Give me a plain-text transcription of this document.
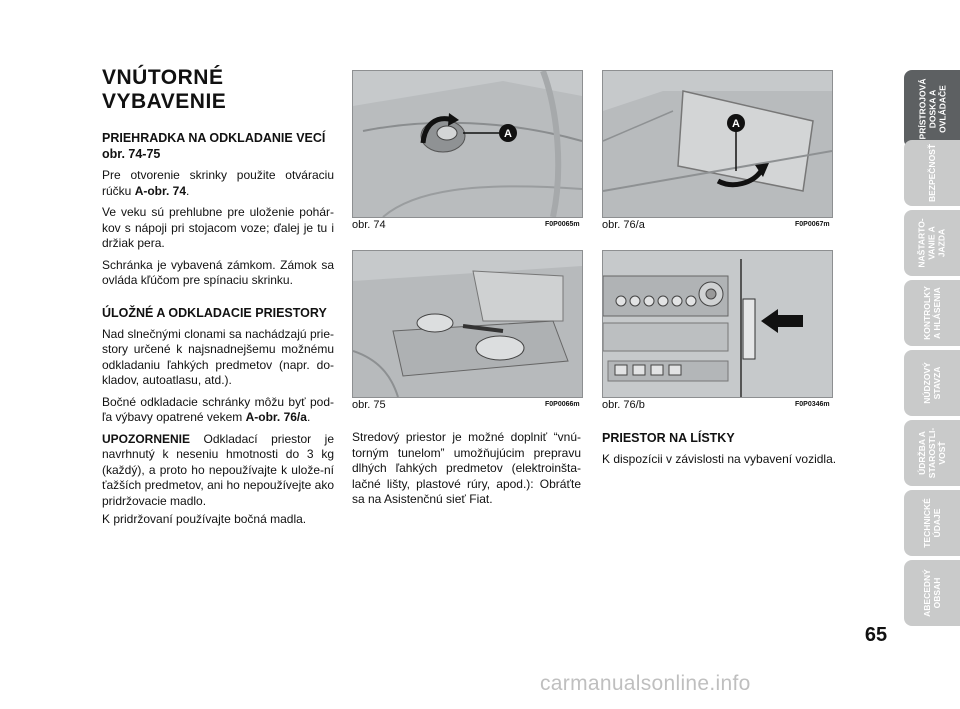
VNÚTORNÉ

VYBAVENIE

PRIEHRADKA NA ODKLADANIE VECÍ obr. 74-75

Pre otvorenie skrinky použite otváraciu rúčku A-obr. 74.

Ve veku sú prehlubne pre uloženie pohár-kov s nápoji pri stojacom voze; ďalej je tu i držiak pera.

Schránka je vybavená zámkom. Zámok sa ovláda kľúčom pre spínaciu skrinku.

ÚLOŽNÉ A ODKLADACIE PRIESTORY

Nad slnečnými clonami sa nachádzajú prie-story určené k najsnadnejšemu možnému odkladaniu ľahkých predmetov (napr. do-kladov, autoatlasu, atd.).

Bočné odkladacie schránky môžu byť pod-ľa výbavy opatrené vekem A-obr. 76/a.

UPOZORNENIE Odkladací priestor je navrhnutý k neseniu hmotnosti do 3 kg (každý), a proto ho nepoužívajte k ulože-ní ťažších predmetov, ani ho nepoužívejte ako pridržovacie madlo.

K pridržovaní používajte bočná madla.

A
obr. 74	F0P0065m
A
obr. 76/a	F0P0067m
obr. 75	F0P0066m obr. 76/b	F0P0346m

Stredový priestor je možné doplniť “vnú-torným tunelom” umožňujúcim prepravu dlhých ľahkých predmetov (elektroinšta-lačné lišty, plastové rúry, apod.): Obráťte sa na Asistenčnú sieť Fiat.

PRIESTOR NA LÍSTKY

K dispozícii v závislosti na vybavení vozidla.

PRÍSTROJOVÁ
DOSKA A
OVLÁDAČE
BEZPEČNOSŤ
NAŠTARTO-
VANIE A
JAZDA
KONTROLKY
A HLÁSENIA
NÚDZOVÝ
STAVZA
ÚDRŽBA A
STAROSTLI-
VOSŤ
TECHNICKÉ
ÚDAJE
ABECEDNÝ
OBSAH
65
carmanualsonline.info
